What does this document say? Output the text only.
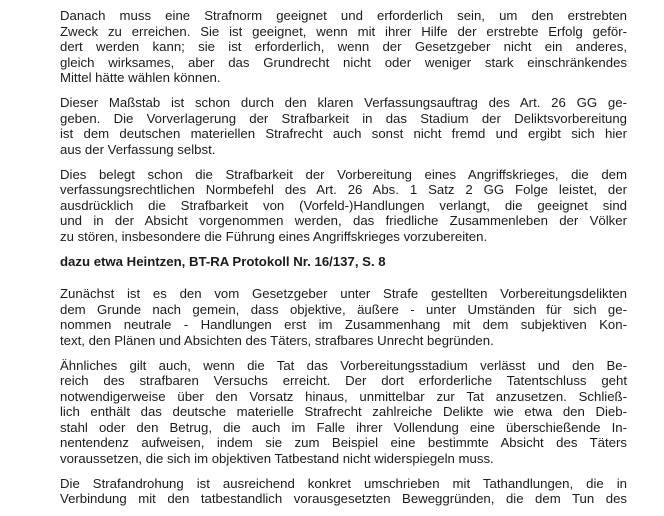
Danach muss eine Strafnorm geeignet und erforderlich sein, um den erstrebten
Zweck zu erreichen. Sie ist geeignet, wenn mit ihrer Hilfe der erstrebte Erfolg geför-
dert werden kann; sie ist erforderlich, wenn der Gesetzgeber nicht ein anderes,
gleich wirksames, aber das Grundrecht nicht oder weniger stark einschränkendes
Mittel hätte wählen können.
Dieser Maßstab ist schon durch den klaren Verfassungsauftrag des Art. 26 GG ge-
geben. Die Vorverlagerung der Strafbarkeit in das Stadium der Deliktsvorbereitung
ist dem deutschen materiellen Strafrecht auch sonst nicht fremd und ergibt sich hier
aus der Verfassung selbst.
Dies belegt schon die Strafbarkeit der Vorbereitung eines Angriffskrieges, die dem
verfassungsrechtlichen Normbefehl des Art. 26 Abs. 1 Satz 2 GG Folge leistet, der
ausdrücklich die Strafbarkeit von (Vorfeld-)Handlungen verlangt, die geeignet sind
und in der Absicht vorgenommen werden, das friedliche Zusammenleben der Völker
zu stören, insbesondere die Führung eines Angriffskrieges vorzubereiten.
dazu etwa Heintzen, BT-RA Protokoll Nr. 16/137, S. 8
Zunächst ist es den vom Gesetzgeber unter Strafe gestellten Vorbereitungsdelikten
dem Grunde nach gemein, dass objektive, äußere - unter Umständen für sich ge-
nommen neutrale - Handlungen erst im Zusammenhang mit dem subjektiven Kon-
text, den Plänen und Absichten des Täters, strafbares Unrecht begründen.
Ähnliches gilt auch, wenn die Tat das Vorbereitungsstadium verlässt und den Be-
reich des strafbaren Versuchs erreicht. Der dort erforderliche Tatentschluss geht
notwendigerweise über den Vorsatz hinaus, unmittelbar zur Tat anzusetzen. Schließ-
lich enthält das deutsche materielle Strafrecht zahlreiche Delikte wie etwa den Dieb-
stahl oder den Betrug, die auch im Falle ihrer Vollendung eine überschießende In-
nentendenz aufweisen, indem sie zum Beispiel eine bestimmte Absicht des Täters
voraussetzen, die sich im objektiven Tatbestand nicht widerspiegeln muss.
Die Strafandrohung ist ausreichend konkret umschrieben mit Tathandlungen, die in
Verbindung mit den tatbestandlich vorausgesetzten Beweggründen, die dem Tun des
